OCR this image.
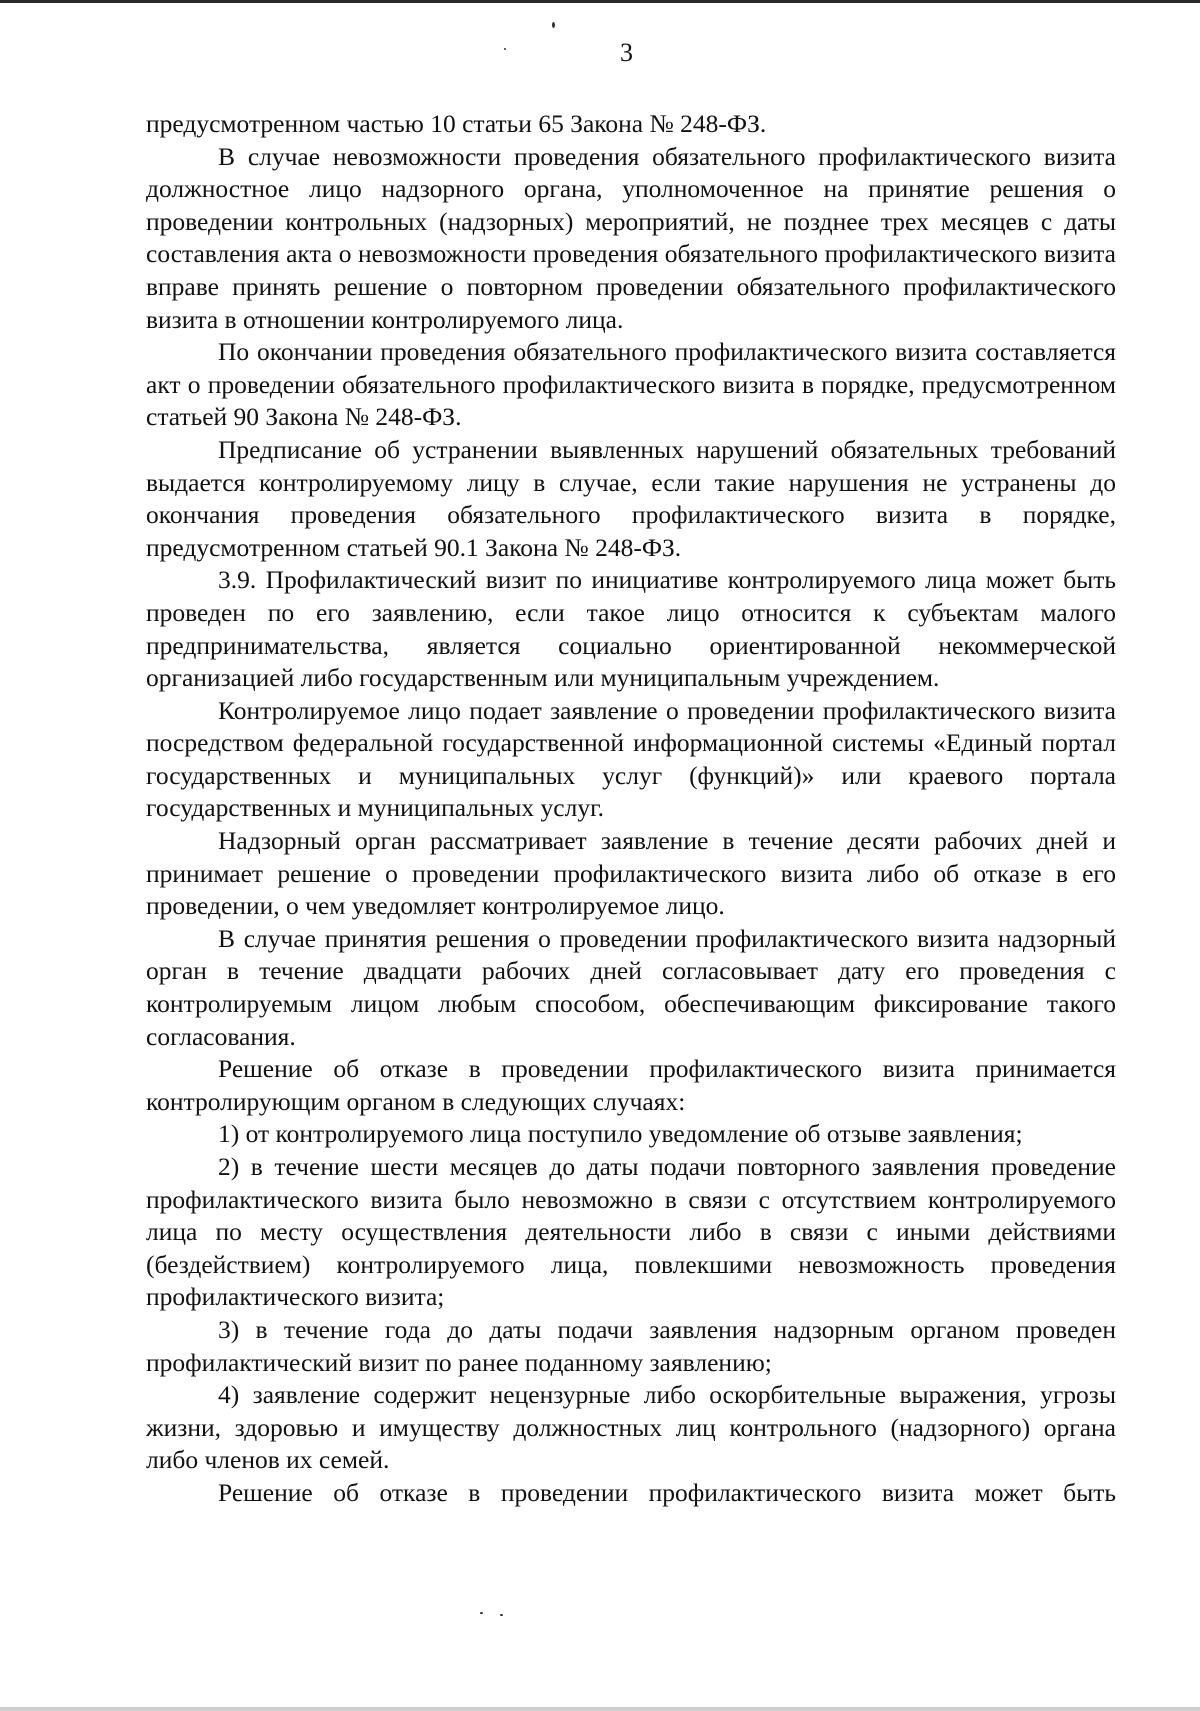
3

предусмотренном частью 10 статьи 65 Закона № 248-ФЗ.

В случае невозможности проведения обязательного профилактического визита должностное лицо надзорного органа, уполномоченное на принятие решения о проведении контрольных (надзорных) мероприятий, не позднее трех месяцев с даты составления акта о невозможности проведения обязательного профилактического визита вправе принять решение о повторном проведении обязательного профилактического визита в отношении контролируемого лица.

По окончании проведения обязательного профилактического визита составляется акт о проведении обязательного профилактического визита в порядке, предусмотренном статьей 90 Закона № 248-ФЗ.

Предписание об устранении выявленных нарушений обязательных требований выдается контролируемому лицу в случае, если такие нарушения не устранены до окончания проведения обязательного профилактического визита в порядке, предусмотренном статьей 90.1 Закона № 248-ФЗ.

3.9. Профилактический визит по инициативе контролируемого лица может быть проведен по его заявлению, если такое лицо относится к субъектам малого предпринимательства, является социально ориентированной некоммерческой организацией либо государственным или муниципальным учреждением.

Контролируемое лицо подает заявление о проведении профилактического визита посредством федеральной государственной информационной системы «Единый портал государственных и муниципальных услуг (функций)» или краевого портала государственных и муниципальных услуг.

Надзорный орган рассматривает заявление в течение десяти рабочих дней и принимает решение о проведении профилактического визита либо об отказе в его проведении, о чем уведомляет контролируемое лицо.

В случае принятия решения о проведении профилактического визита надзорный орган в течение двадцати рабочих дней согласовывает дату его проведения с контролируемым лицом любым способом, обеспечивающим фиксирование такого согласования.

Решение об отказе в проведении профилактического визита принимается контролирующим органом в следующих случаях:

1) от контролируемого лица поступило уведомление об отзыве заявления;

2) в течение шести месяцев до даты подачи повторного заявления проведение профилактического визита было невозможно в связи с отсутствием контролируемого лица по месту осуществления деятельности либо в связи с иными действиями (бездействием) контролируемого лица, повлекшими невозможность проведения профилактического визита;

3) в течение года до даты подачи заявления надзорным органом проведен профилактический визит по ранее поданному заявлению;

4) заявление содержит нецензурные либо оскорбительные выражения, угрозы жизни, здоровью и имуществу должностных лиц контрольного (надзорного) органа либо членов их семей.

Решение об отказе в проведении профилактического визита может быть
